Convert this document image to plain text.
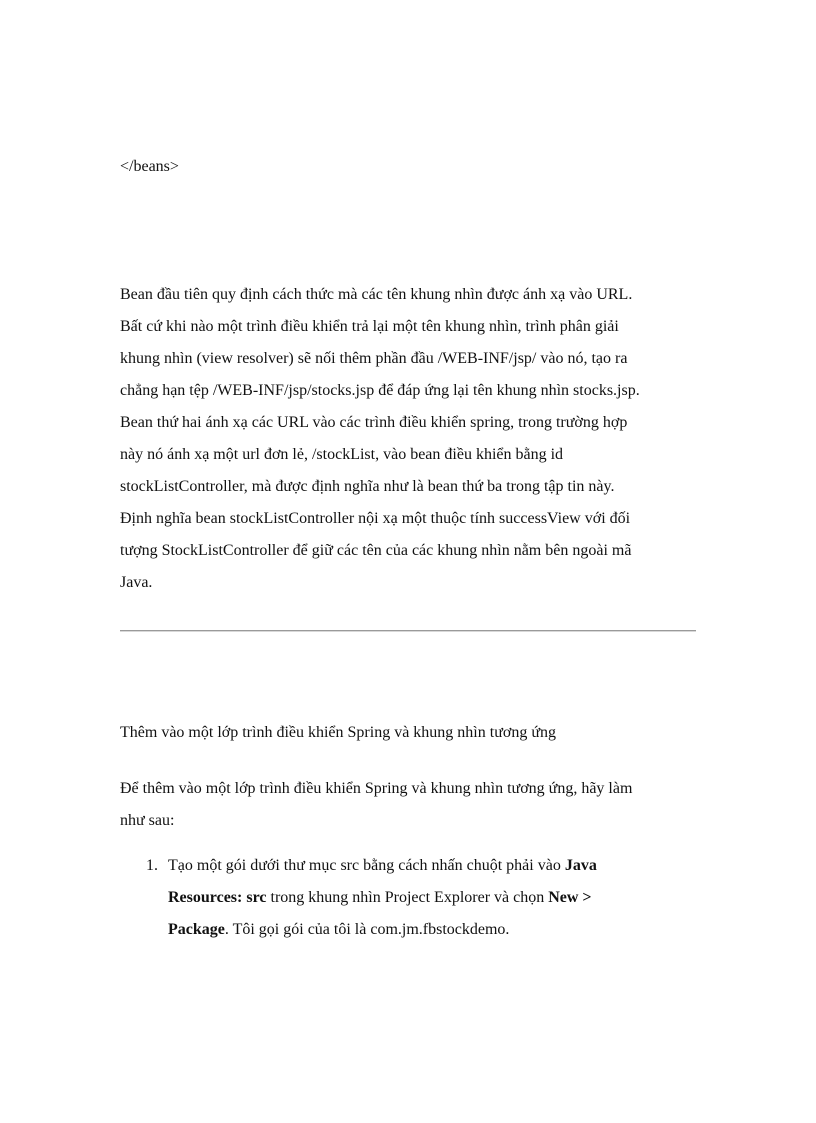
</beans>

Bean đầu tiên quy định cách thức mà các tên khung nhìn được ánh xạ vào URL.
Bất cứ khi nào một trình điều khiển trả lại một tên khung nhìn, trình phân giải
khung nhìn (view resolver) sẽ nối thêm phần đầu /WEB-INF/jsp/ vào nó, tạo ra
chẳng hạn tệp /WEB-INF/jsp/stocks.jsp để đáp ứng lại tên khung nhìn stocks.jsp.
Bean thứ hai ánh xạ các URL vào các trình điều khiển spring, trong trường hợp
này nó ánh xạ một url đơn lẻ, /stockList, vào bean điều khiển bằng id
stockListController, mà được định nghĩa như là bean thứ ba trong tập tin này.
Định nghĩa bean stockListController nội xạ một thuộc tính successView với đối
tượng StockListController để giữ các tên của các khung nhìn nằm bên ngoài mã
Java.

Thêm vào một lớp trình điều khiển Spring và khung nhìn tương ứng

Để thêm vào một lớp trình điều khiển Spring và khung nhìn tương ứng, hãy làm
như sau:

1. Tạo một gói dưới thư mục src bằng cách nhấn chuột phải vào Java
Resources: src trong khung nhìn Project Explorer và chọn New >
Package. Tôi gọi gói của tôi là com.jm.fbstockdemo.
